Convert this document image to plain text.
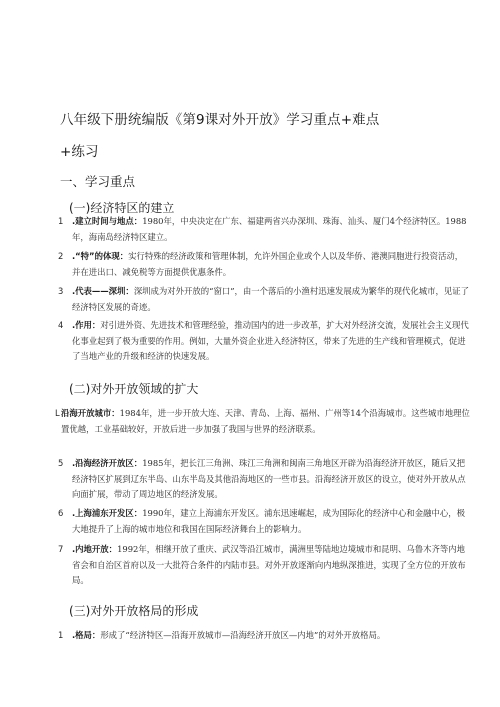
八年级下册统编版《第9课对外开放》学习重点+难点
+练习
一、学习重点
(一)经济特区的建立
1	.建立时间与地点：1980年，中央决定在广东、福建两省兴办深圳、珠海、汕头、厦门4个经济特区。1988年，海南岛经济特区建立。
2	.“特”的体现：实行特殊的经济政策和管理体制，允许外国企业或个人以及华侨、港澳同胞进行投资活动，并在进出口、减免税等方面提供优惠条件。
3	.代表——深圳：深圳成为对外开放的“窗口”，由一个落后的小渔村迅速发展成为繁华的现代化城市，见证了经济特区发展的奇迹。
4	.作用：对引进外资、先进技术和管理经验，推动国内的进一步改革，扩大对外经济交流，发展社会主义现代化事业起到了极为重要的作用。例如，大量外资企业进入经济特区，带来了先进的生产线和管理模式，促进了当地产业的升级和经济的快速发展。
(二)对外开放领域的扩大
L 沿海开放城市：1984年，进一步开放大连、天津、青岛、上海、福州、广州等14个沿海城市。这些城市地理位置优越，工业基础较好，开放后进一步加强了我国与世界的经济联系。
5	.沿海经济开放区：1985年，把长江三角洲、珠江三角洲和闽南三角地区开辟为沿海经济开放区，随后又把经济特区扩展到辽东半岛、山东半岛及其他沿海地区的一些市县。沿海经济开放区的设立，使对外开放从点向面扩展，带动了周边地区的经济发展。
6	.上海浦东开发区：1990年，建立上海浦东开发区。浦东迅速崛起，成为国际化的经济中心和金融中心，极大地提升了上海的城市地位和我国在国际经济舞台上的影响力。
7	.内地开放：1992年，相继开放了重庆、武汉等沿江城市，满洲里等陆地边境城市和昆明、乌鲁木齐等内地省会和自治区首府以及一大批符合条件的内陆市县。对外开放逐渐向内地纵深推进，实现了全方位的开放布局。
(三)对外开放格局的形成
1	.格局：形成了“经济特区—沿海开放城市—沿海经济开放区—内地”的对外开放格局。
